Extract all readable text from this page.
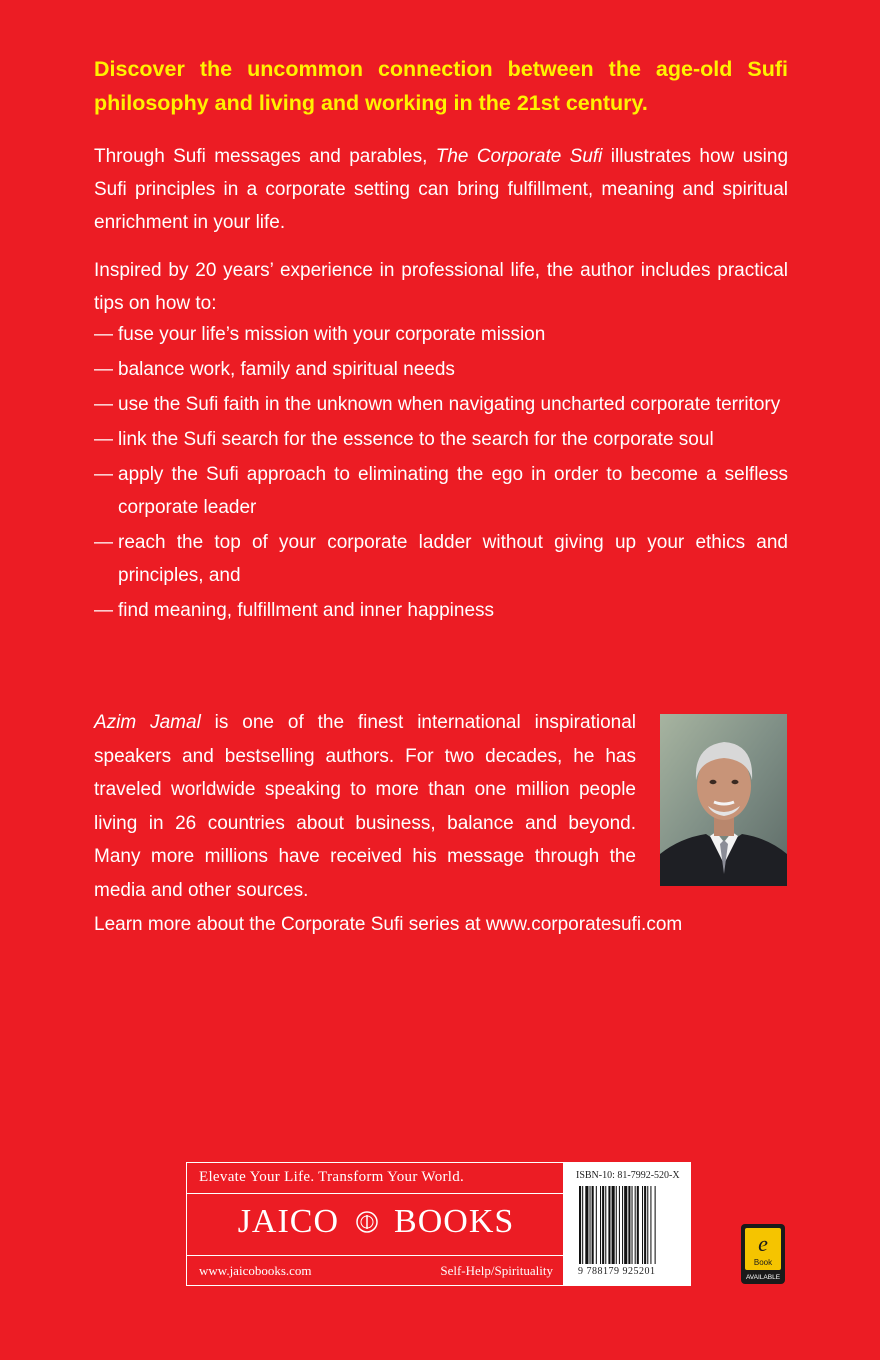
Discover the uncommon connection between the age-old Sufi philosophy and living and working in the 21st century.

Through Sufi messages and parables, The Corporate Sufi illustrates how using Sufi principles in a corporate setting can bring fulfillment, meaning and spiritual enrichment in your life.

Inspired by 20 years’ experience in professional life, the author includes practical tips on how to:

— fuse your life’s mission with your corporate mission
— balance work, family and spiritual needs
— use the Sufi faith in the unknown when navigating uncharted corporate territory
— link the Sufi search for the essence to the search for the corporate soul
— apply the Sufi approach to eliminating the ego in order to become a selfless corporate leader
— reach the top of your corporate ladder without giving up your ethics and principles, and
— find meaning, fulfillment and inner happiness

Azim Jamal is one of the finest international inspirational speakers and bestselling authors. For two decades, he has traveled worldwide speaking to more than one million people living in 26 countries about business, balance and beyond. Many more millions have received his message through the media and other sources.

Learn more about the Corporate Sufi series at www.corporatesufi.com

Elevate Your Life. Transform Your World.
JAICO BOOKS
www.jaicobooks.com	Self-Help/Spirituality
ISBN-10: 81-7992-520-X
9 788179 925201
e
Book
AVAILABLE
